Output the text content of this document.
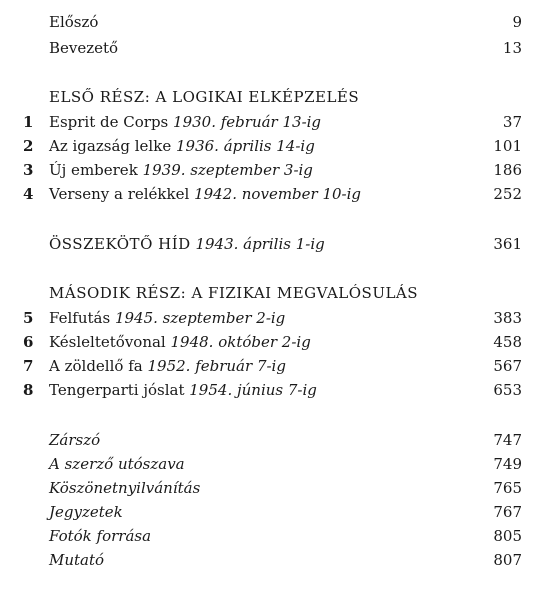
Előszó	9
Bevezető	13
ELSŐ RÉSZ: A LOGIKAI ELKÉPZELÉS
1 Esprit de Corps 1930. február 13-ig	37
2 Az igazság lelke 1936. április 14-ig	101
3 Új emberek 1939. szeptember 3-ig	186
4 Verseny a relékkel 1942. november 10-ig	252
ÖSSZEKÖTŐ HÍD 1943. április 1-ig	361
MÁSODIK RÉSZ: A FIZIKAI MEGVALÓSULÁS
5 Felfutás 1945. szeptember 2-ig	383
6 Késleltetővonal 1948. október 2-ig	458
7 A zöldellő fa 1952. február 7-ig	567
8 Tengerparti jóslat 1954. június 7-ig	653
Zárszó	747
A szerző utószava	749
Köszönetnyilvánítás	765
Jegyzetek	767
Fotók forrása	805
Mutató	807
